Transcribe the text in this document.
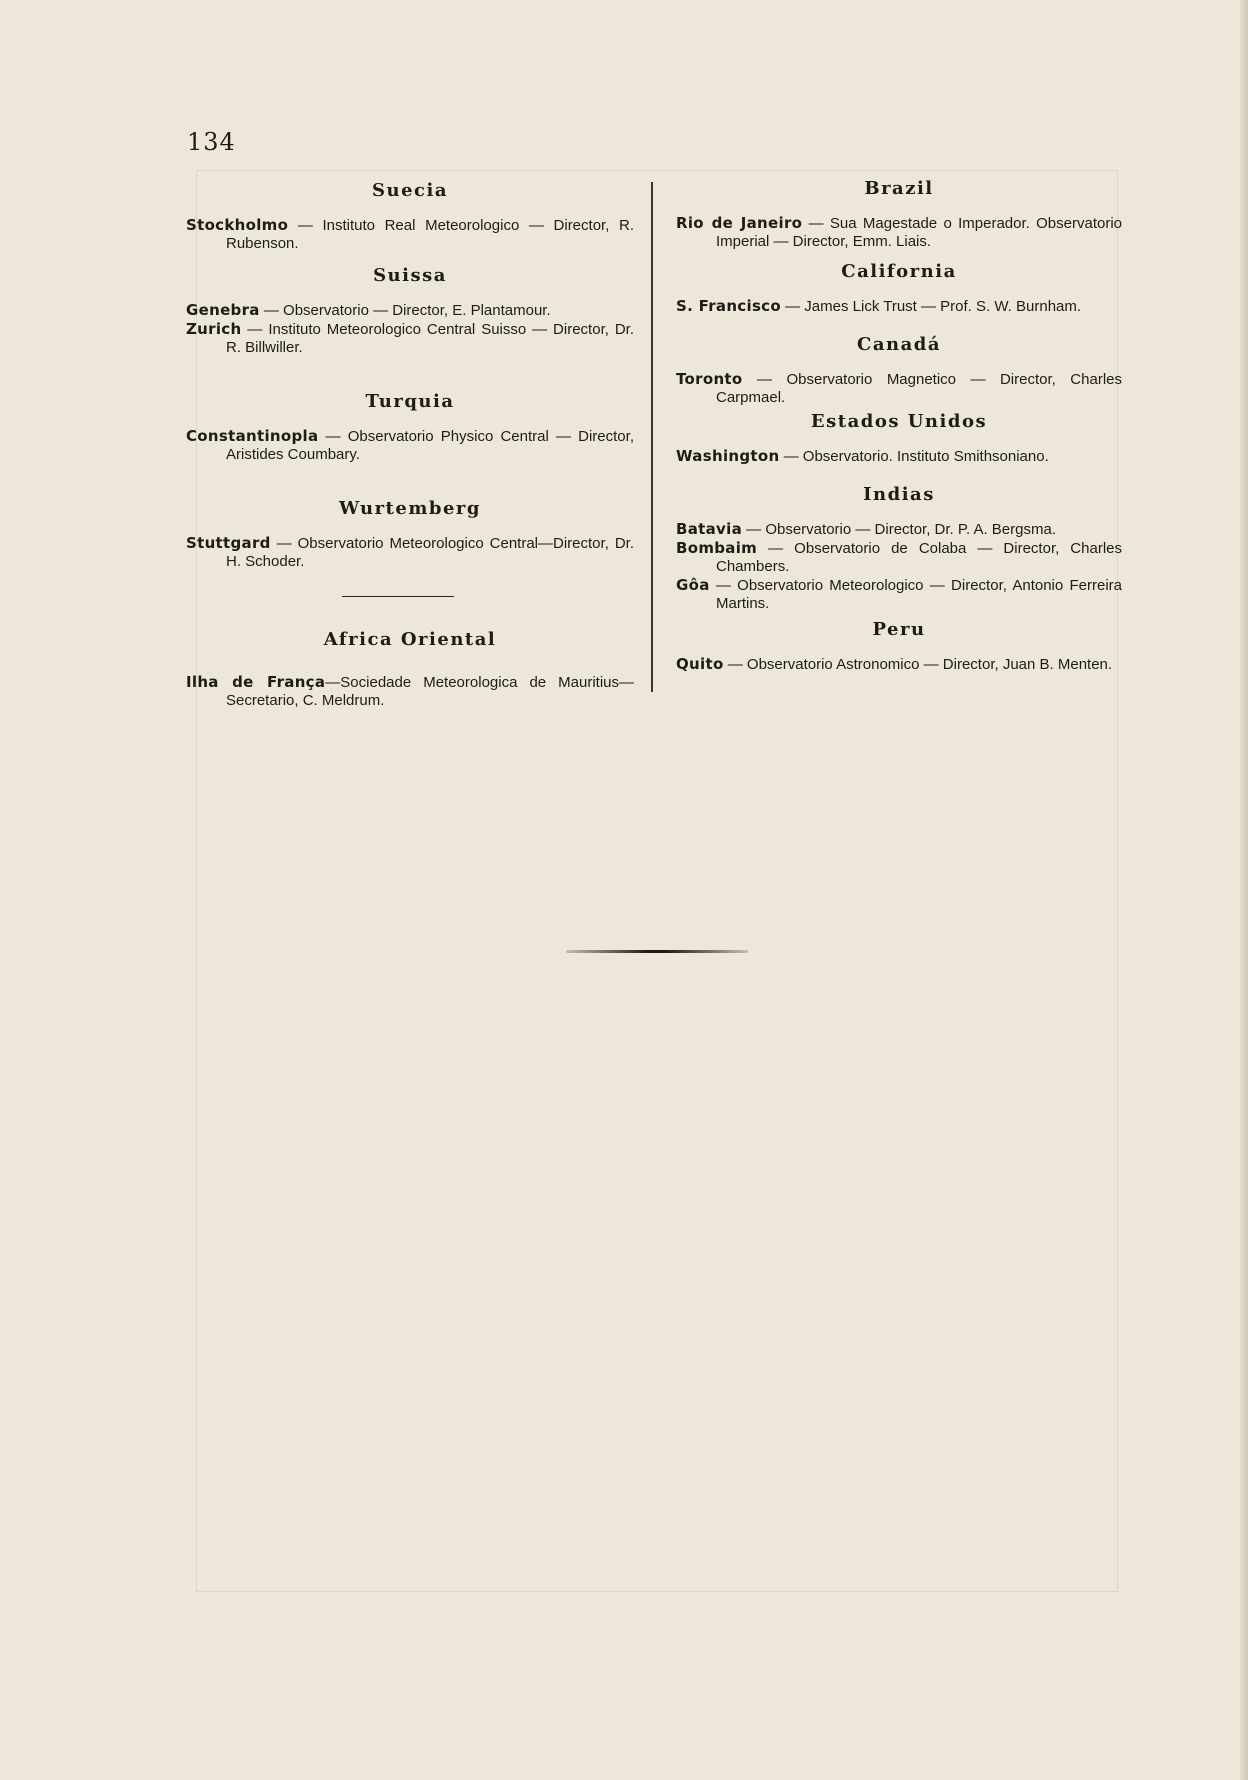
134
Suecia

Stockholmo — Instituto Real Meteorologico — Director, R. Rubenson.

Suissa

Genebra — Observatorio — Director, E. Plantamour.

Zurich — Instituto Meteorologico Central Suisso — Director, Dr. R. Billwiller.

Turquia

Constantinopla — Observatorio Physico Central — Director, Aristides Coumbary.

Wurtemberg

Stuttgard — Observatorio Meteorologico Central—Director, Dr. H. Schoder.

Africa Oriental

Ilha de França—Sociedade Meteorologica de Mauritius—Secretario, C. Meldrum.

Brazil

Rio de Janeiro — Sua Magestade o Imperador. Observatorio Imperial — Director, Emm. Liais.

California

S. Francisco — James Lick Trust — Prof. S. W. Burnham.

Canadá

Toronto — Observatorio Magnetico — Director, Charles Carpmael.

Estados Unidos

Washington — Observatorio. Instituto Smithsoniano.

Indias

Batavia — Observatorio — Director, Dr. P. A. Bergsma.

Bombaim — Observatorio de Colaba — Director, Charles Chambers.

Gôa — Observatorio Meteorologico — Director, Antonio Ferreira Martins.

Peru

Quito — Observatorio Astronomico — Director, Juan B. Menten.
